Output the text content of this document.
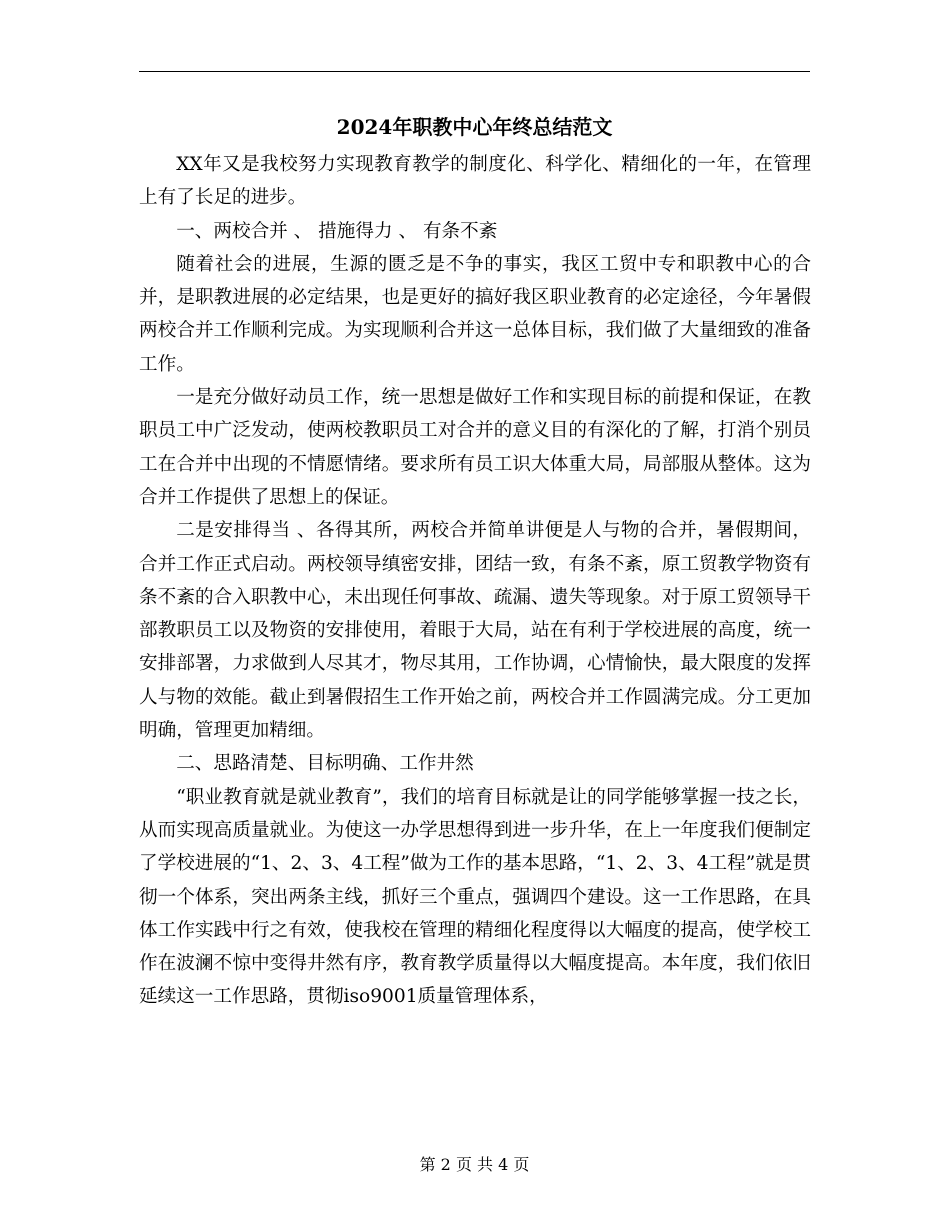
2024年职教中心年终总结范文

XX年又是我校努力实现教育教学的制度化、科学化、精细化的一年，在管理上有了长足的进步。

一、两校合并 、 措施得力 、 有条不紊

随着社会的进展，生源的匮乏是不争的事实，我区工贸中专和职教中心的合并，是职教进展的必定结果，也是更好的搞好我区职业教育的必定途径，今年暑假两校合并工作顺利完成。为实现顺利合并这一总体目标，我们做了大量细致的准备工作。

一是充分做好动员工作，统一思想是做好工作和实现目标的前提和保证，在教职员工中广泛发动，使两校教职员工对合并的意义目的有深化的了解，打消个别员工在合并中出现的不情愿情绪。要求所有员工识大体重大局，局部服从整体。这为合并工作提供了思想上的保证。

二是安排得当 、各得其所，两校合并简单讲便是人与物的合并，暑假期间，合并工作正式启动。两校领导缜密安排，团结一致，有条不紊，原工贸教学物资有条不紊的合入职教中心，未出现任何事故、疏漏、遗失等现象。对于原工贸领导干部教职员工以及物资的安排使用，着眼于大局，站在有利于学校进展的高度，统一安排部署，力求做到人尽其才，物尽其用，工作协调，心情愉快，最大限度的发挥人与物的效能。截止到暑假招生工作开始之前，两校合并工作圆满完成。分工更加明确，管理更加精细。

二、思路清楚、目标明确、工作井然

“职业教育就是就业教育”，我们的培育目标就是让的同学能够掌握一技之长，从而实现高质量就业。为使这一办学思想得到进一步升华，在上一年度我们便制定了学校进展的“1、2、3、4工程”做为工作的基本思路，“1、2、3、4工程”就是贯彻一个体系，突出两条主线，抓好三个重点，强调四个建设。这一工作思路，在具体工作实践中行之有效，使我校在管理的精细化程度得以大幅度的提高，使学校工作在波澜不惊中变得井然有序，教育教学质量得以大幅度提高。本年度，我们依旧延续这一工作思路，贯彻iso9001质量管理体系，

第 2 页 共 4 页
